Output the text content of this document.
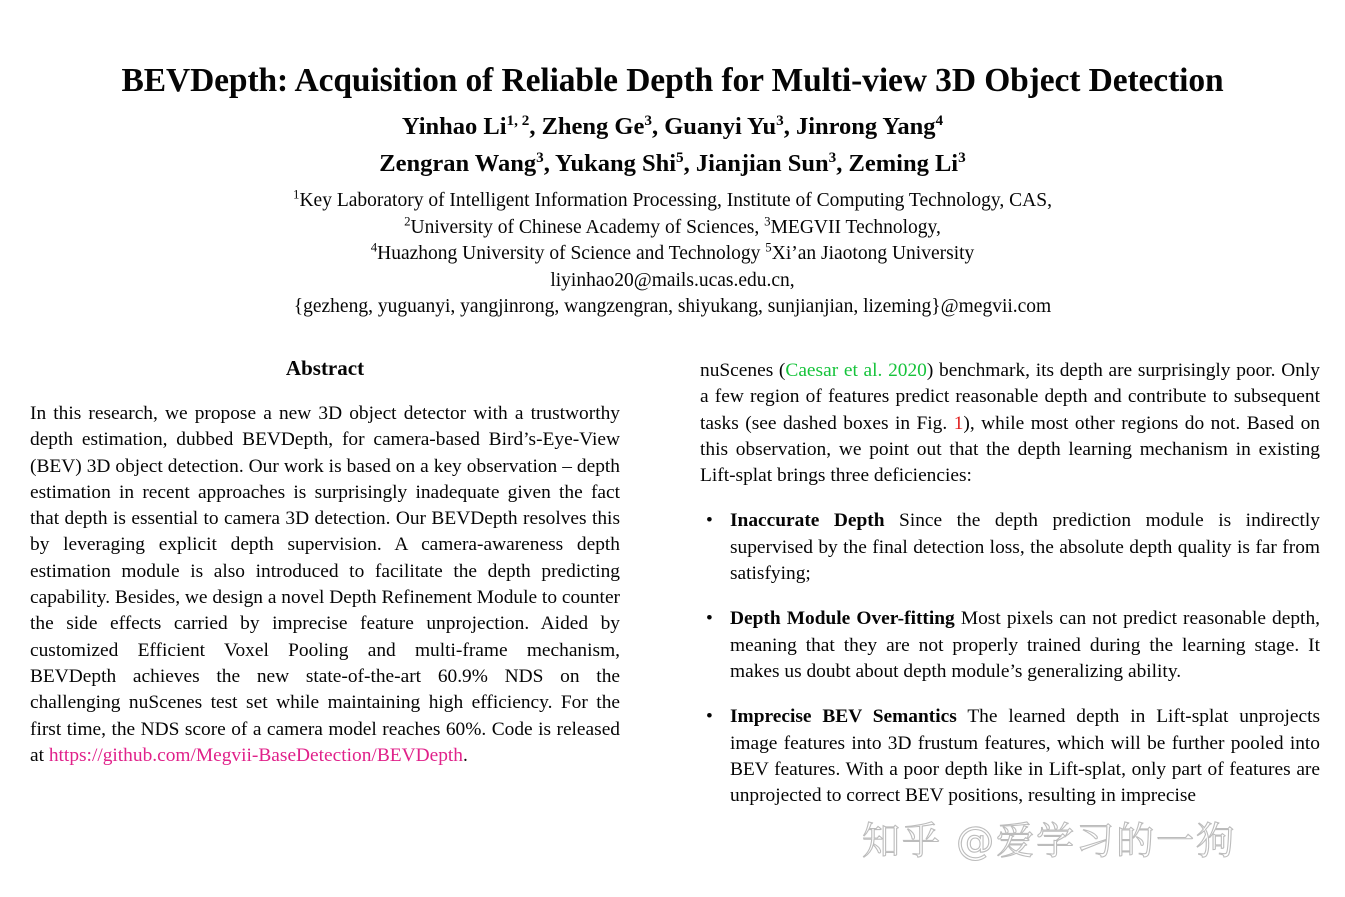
BEVDepth: Acquisition of Reliable Depth for Multi-view 3D Object Detection
Yinhao Li$^{1, 2}$, Zheng Ge$^3$, Guanyi Yu$^3$, Jinrong Yang$^4$
Zengran Wang$^3$, Yukang Shi$^5$, Jianjian Sun$^3$, Zeming Li$^3$
$^1$Key Laboratory of Intelligent Information Processing, Institute of Computing Technology, CAS,
$^2$University of Chinese Academy of Sciences, $^3$MEGVII Technology,
$^4$Huazhong University of Science and Technology $^5$Xi’an Jiaotong University
liyinhao20@mails.ucas.edu.cn,
{gezheng, yuguanyi, yangjinrong, wangzengran, shiyukang, sunjianjian, lizeming}@megvii.com
Abstract

In this research, we propose a new 3D object detector with a trustworthy depth estimation, dubbed BEVDepth, for camera-based Bird’s-Eye-View (BEV) 3D object detection. Our work is based on a key observation – depth estimation in recent approaches is surprisingly inadequate given the fact that depth is essential to camera 3D detection. Our BEVDepth resolves this by leveraging explicit depth supervision. A camera-awareness depth estimation module is also introduced to facilitate the depth predicting capability. Besides, we design a novel Depth Refinement Module to counter the side effects carried by imprecise feature unprojection. Aided by customized Efficient Voxel Pooling and multi-frame mechanism, BEVDepth achieves the new state-of-the-art 60.9% NDS on the challenging nuScenes test set while maintaining high efficiency. For the first time, the NDS score of a camera model reaches 60%. Code is released at https://github.com/Megvii-BaseDetection/BEVDepth.

nuScenes (Caesar et al. 2020) benchmark, its depth are surprisingly poor. Only a few region of features predict reasonable depth and contribute to subsequent tasks (see dashed boxes in Fig. 1), while most other regions do not. Based on this observation, we point out that the depth learning mechanism in existing Lift-splat brings three deficiencies:

• Inaccurate Depth Since the depth prediction module is indirectly supervised by the final detection loss, the absolute depth quality is far from satisfying;
• Depth Module Over-fitting Most pixels can not predict reasonable depth, meaning that they are not properly trained during the learning stage. It makes us doubt about depth module’s generalizing ability.
• Imprecise BEV Semantics The learned depth in Lift-splat unprojects image features into 3D frustum features, which will be further pooled into BEV features. With a poor depth like in Lift-splat, only part of features are unprojected to correct BEV positions, resulting in imprecise
知乎 @爱学习的一狗
